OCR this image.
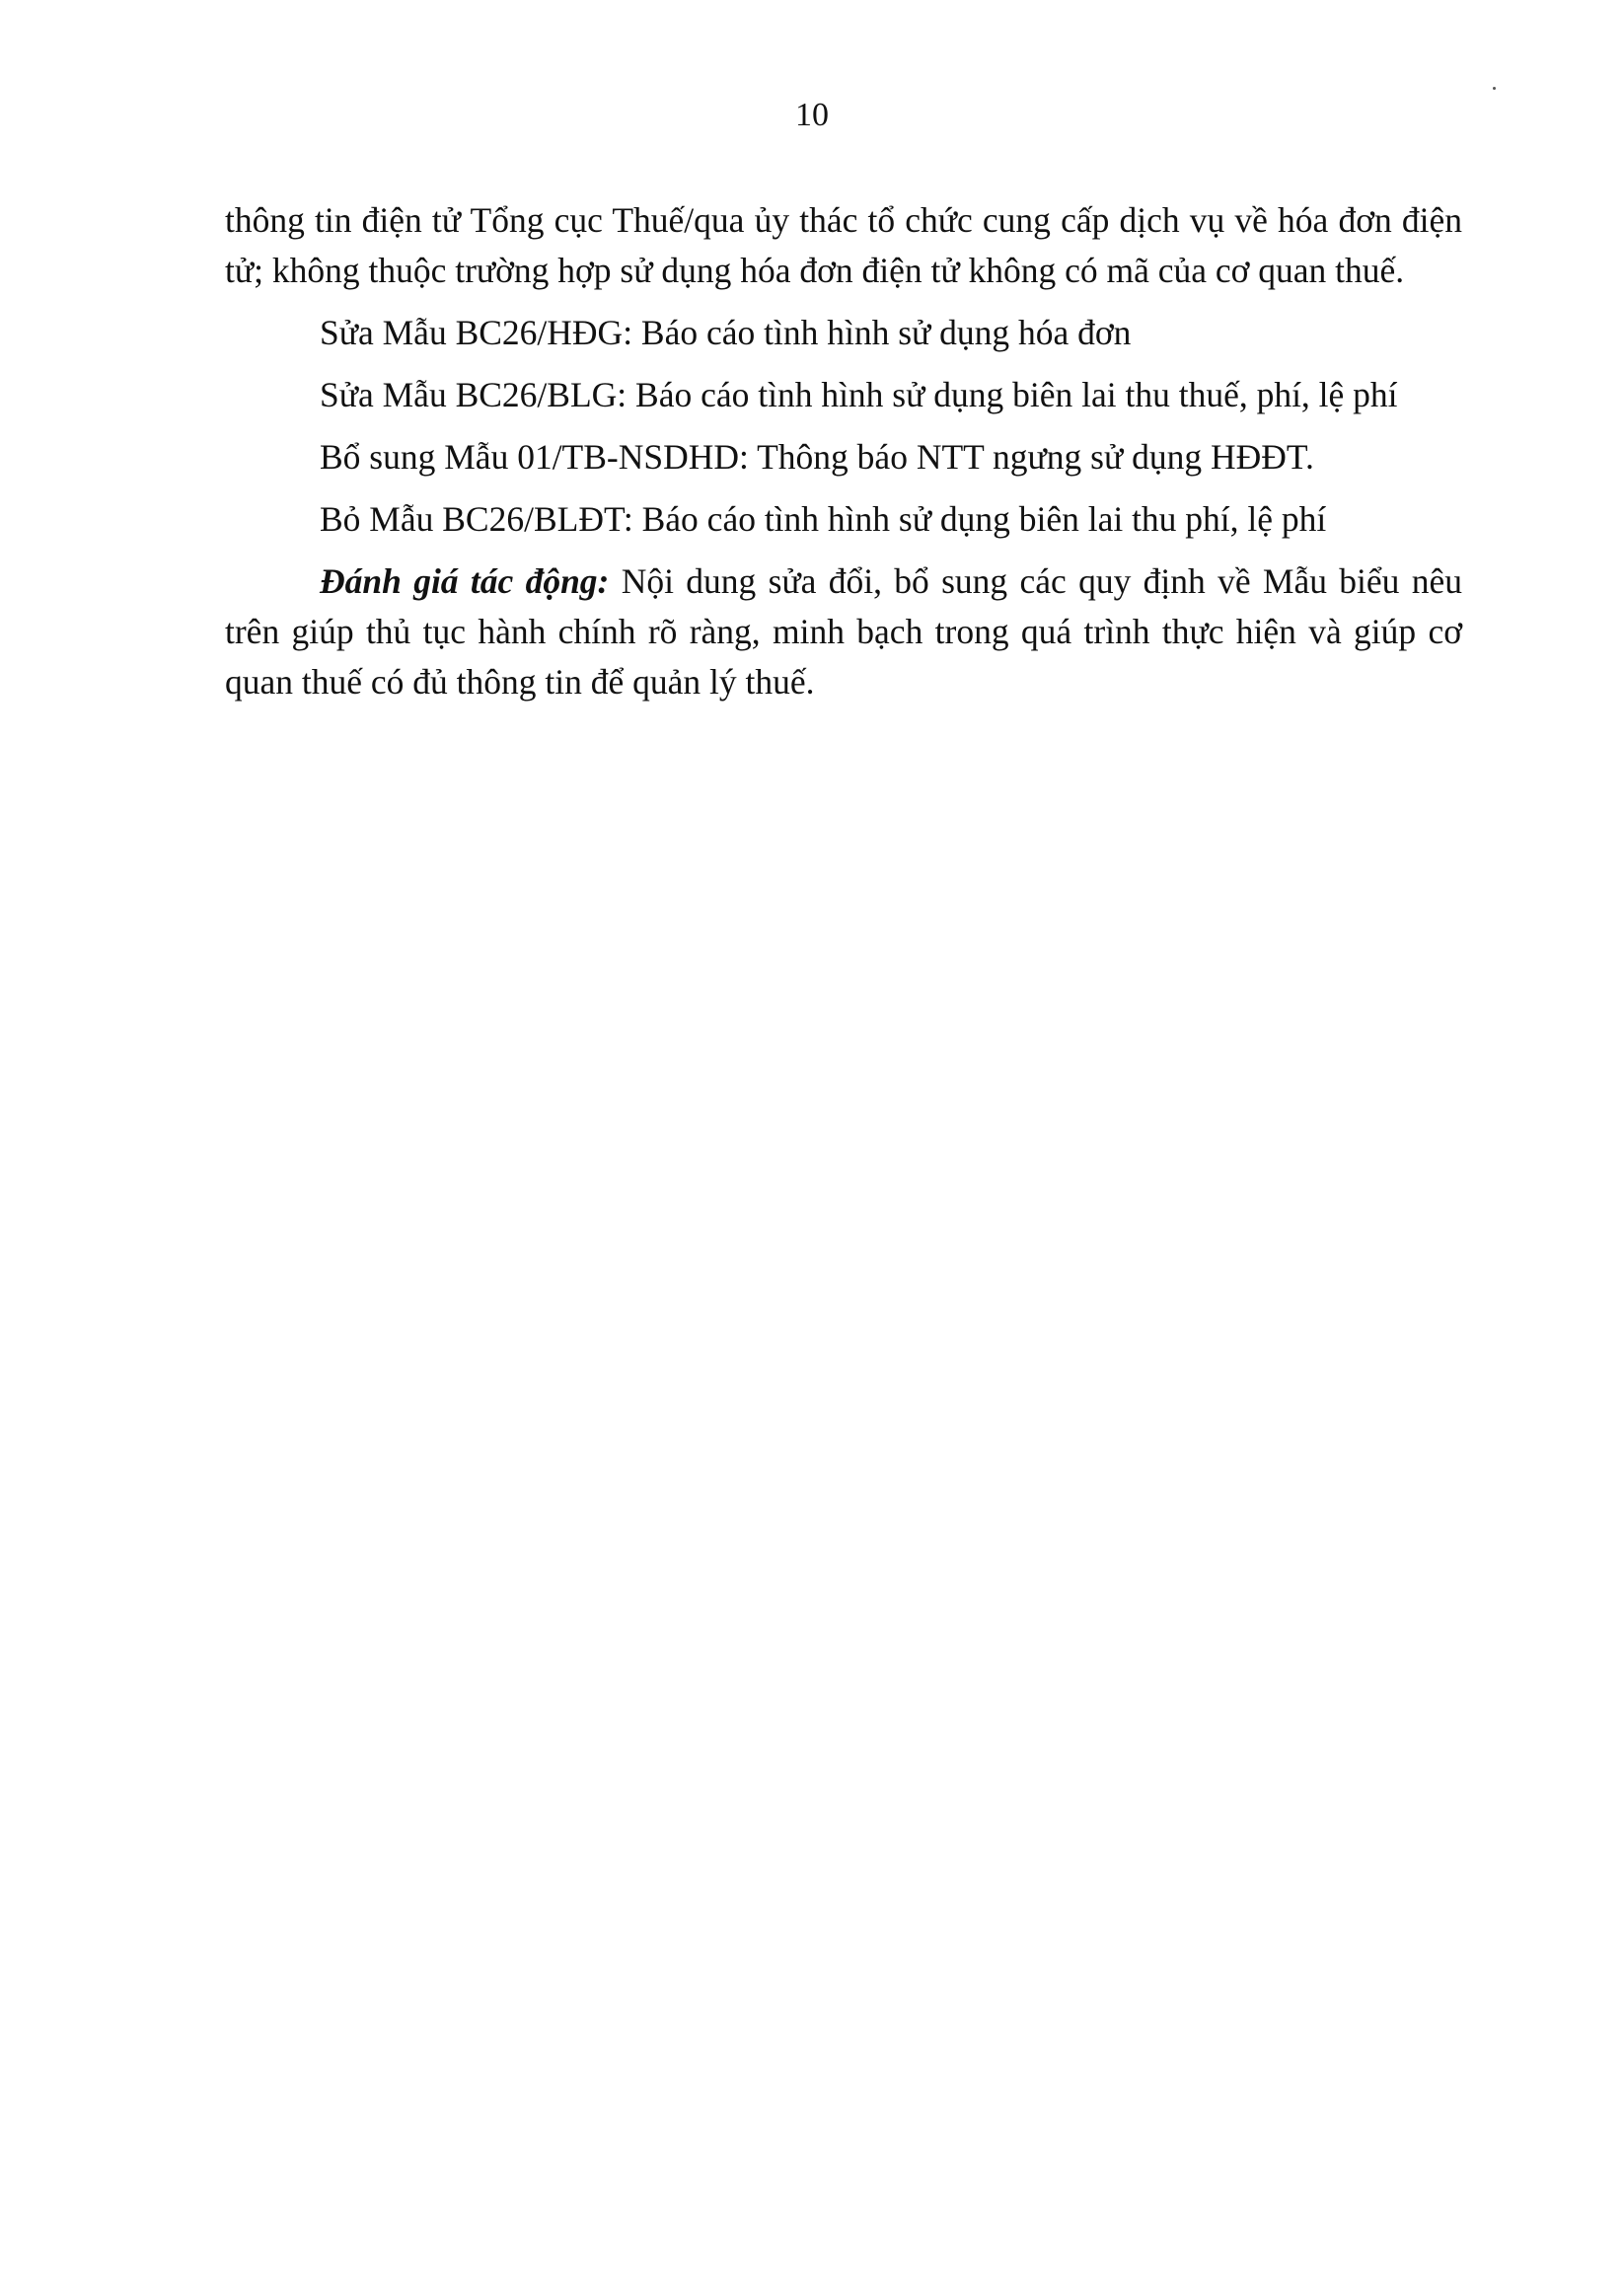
10

thông tin điện tử Tổng cục Thuế/qua ủy thác tổ chức cung cấp dịch vụ về hóa đơn điện tử; không thuộc trường hợp sử dụng hóa đơn điện tử không có mã của cơ quan thuế.

Sửa Mẫu BC26/HĐG: Báo cáo tình hình sử dụng hóa đơn

Sửa Mẫu BC26/BLG: Báo cáo tình hình sử dụng biên lai thu thuế, phí, lệ phí

Bổ sung Mẫu 01/TB-NSDHD: Thông báo NTT ngưng sử dụng HĐĐT.

Bỏ Mẫu BC26/BLĐT: Báo cáo tình hình sử dụng biên lai thu phí, lệ phí

Đánh giá tác động: Nội dung sửa đổi, bổ sung các quy định về Mẫu biểu nêu trên giúp thủ tục hành chính rõ ràng, minh bạch trong quá trình thực hiện và giúp cơ quan thuế có đủ thông tin để quản lý thuế.
